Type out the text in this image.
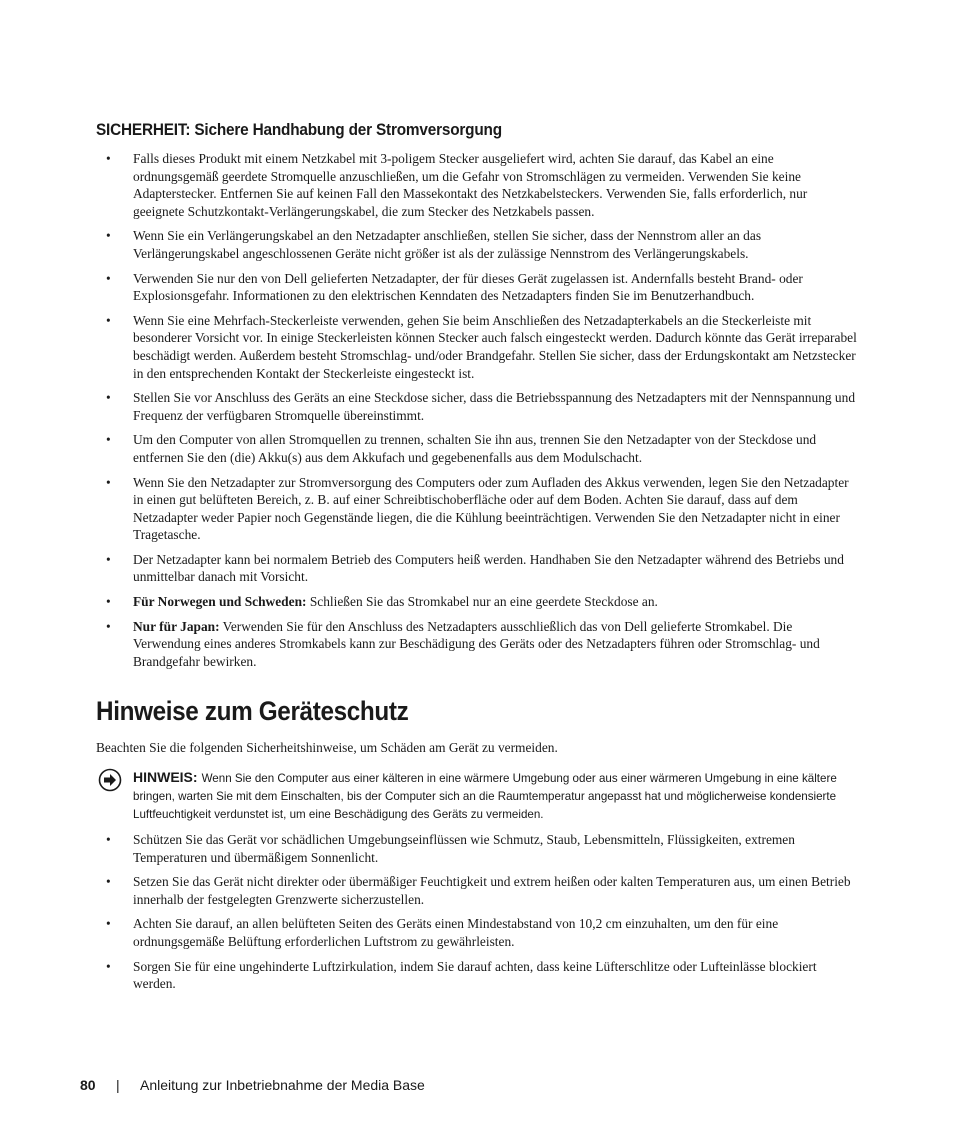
SICHERHEIT: Sichere Handhabung der Stromversorgung
• Falls dieses Produkt mit einem Netzkabel mit 3-poligem Stecker ausgeliefert wird, achten Sie darauf, das Kabel an eine ordnungsgemäß geerdete Stromquelle anzuschließen, um die Gefahr von Stromschlägen zu vermeiden. Verwenden Sie keine Adapterstecker. Entfernen Sie auf keinen Fall den Massekontakt des Netzkabelsteckers. Verwenden Sie, falls erforderlich, nur geeignete Schutzkontakt-Verlängerungskabel, die zum Stecker des Netzkabels passen.
• Wenn Sie ein Verlängerungskabel an den Netzadapter anschließen, stellen Sie sicher, dass der Nennstrom aller an das Verlängerungskabel angeschlossenen Geräte nicht größer ist als der zulässige Nennstrom des Verlängerungskabels.
• Verwenden Sie nur den von Dell gelieferten Netzadapter, der für dieses Gerät zugelassen ist. Andernfalls besteht Brand- oder Explosionsgefahr. Informationen zu den elektrischen Kenndaten des Netzadapters finden Sie im Benutzerhandbuch.
• Wenn Sie eine Mehrfach-Steckerleiste verwenden, gehen Sie beim Anschließen des Netzadapterkabels an die Steckerleiste mit besonderer Vorsicht vor. In einige Steckerleisten können Stecker auch falsch eingesteckt werden. Dadurch könnte das Gerät irreparabel beschädigt werden. Außerdem besteht Stromschlag- und/oder Brandgefahr. Stellen Sie sicher, dass der Erdungskontakt am Netzstecker in den entsprechenden Kontakt der Steckerleiste eingesteckt ist.
• Stellen Sie vor Anschluss des Geräts an eine Steckdose sicher, dass die Betriebsspannung des Netzadapters mit der Nennspannung und Frequenz der verfügbaren Stromquelle übereinstimmt.
• Um den Computer von allen Stromquellen zu trennen, schalten Sie ihn aus, trennen Sie den Netzadapter von der Steckdose und entfernen Sie den (die) Akku(s) aus dem Akkufach und gegebenenfalls aus dem Modulschacht.
• Wenn Sie den Netzadapter zur Stromversorgung des Computers oder zum Aufladen des Akkus verwenden, legen Sie den Netzadapter in einen gut belüfteten Bereich, z. B. auf einer Schreibtischoberfläche oder auf dem Boden. Achten Sie darauf, dass auf dem Netzadapter weder Papier noch Gegenstände liegen, die die Kühlung beeinträchtigen. Verwenden Sie den Netzadapter nicht in einer Tragetasche.
• Der Netzadapter kann bei normalem Betrieb des Computers heiß werden. Handhaben Sie den Netzadapter während des Betriebs und unmittelbar danach mit Vorsicht.
• Für Norwegen und Schweden: Schließen Sie das Stromkabel nur an eine geerdete Steckdose an.
• Nur für Japan: Verwenden Sie für den Anschluss des Netzadapters ausschließlich das von Dell gelieferte Stromkabel. Die Verwendung eines anderes Stromkabels kann zur Beschädigung des Geräts oder des Netzadapters führen oder Stromschlag- und Brandgefahr bewirken.
Hinweise zum Geräteschutz

Beachten Sie die folgenden Sicherheitshinweise, um Schäden am Gerät zu vermeiden.

HINWEIS: Wenn Sie den Computer aus einer kälteren in eine wärmere Umgebung oder aus einer wärmeren Umgebung in eine kältere bringen, warten Sie mit dem Einschalten, bis der Computer sich an die Raumtemperatur angepasst hat und möglicherweise kondensierte Luftfeuchtigkeit verdunstet ist, um eine Beschädigung des Geräts zu vermeiden.
• Schützen Sie das Gerät vor schädlichen Umgebungseinflüssen wie Schmutz, Staub, Lebensmitteln, Flüssigkeiten, extremen Temperaturen und übermäßigem Sonnenlicht.
• Setzen Sie das Gerät nicht direkter oder übermäßiger Feuchtigkeit und extrem heißen oder kalten Temperaturen aus, um einen Betrieb innerhalb der festgelegten Grenzwerte sicherzustellen.
• Achten Sie darauf, an allen belüfteten Seiten des Geräts einen Mindestabstand von 10,2 cm einzuhalten, um den für eine ordnungsgemäße Belüftung erforderlichen Luftstrom zu gewährleisten.
• Sorgen Sie für eine ungehinderte Luftzirkulation, indem Sie darauf achten, dass keine Lüfterschlitze oder Lufteinlässe blockiert werden.
80 | Anleitung zur Inbetriebnahme der Media Base
